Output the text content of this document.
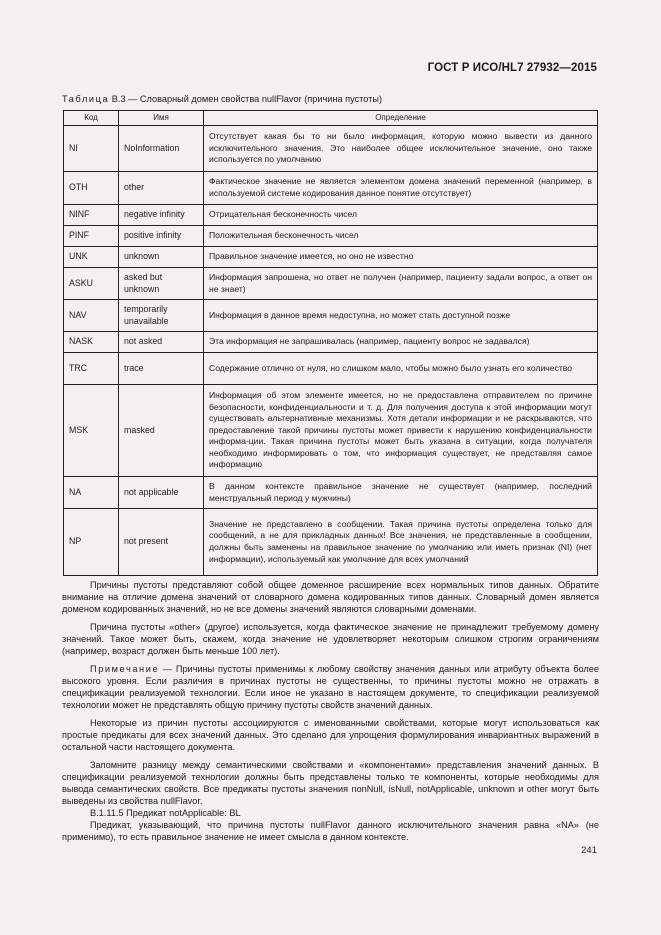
ГОСТ Р ИСО/HL7 27932—2015
Таблица B.3 — Словарный домен свойства nullFlavor (причина пустоты)
Код	Имя	Определение
NI	NoInformation	Отсутствует какая бы то ни было информация, которую можно вывести из данного исключительного значения. Это наиболее общее исключительное значение, оно также используется по умолчанию
OTH	other	Фактическое значение не является элементом домена значений переменной (например, в используемой системе кодирования данное понятие отсутствует)
NINF	negative infinity	Отрицательная бесконечность чисел
PINF	positive infinity	Положительная бесконечность чисел
UNK	unknown	Правильное значение имеется, но оно не известно
ASKU	asked but unknown	Информация запрошена, но ответ не получен (например, пациенту задали вопрос, а ответ он не знает)
NAV	temporarily unavailable	Информация в данное время недоступна, но может стать доступной позже
NASK	not asked	Эта информация не запрашивалась (например, пациенту вопрос не задавался)
TRC	trace	Содержание отлично от нуля, но слишком мало, чтобы можно было узнать его количество
MSK	masked	Информация об этом элементе имеется, но не предоставлена отправителем по причине безопасности, конфиденциальности и т. д. Для получения доступа к этой информации могут существовать альтернативные механизмы. Хотя детали информации и не раскрываются, что предоставление такой причины пустоты может привести к нарушению конфиденциальности информа-ции. Такая причина пустоты может быть указана в ситуации, когда получателя необходимо информировать о том, что информация существует, не представляя самое информацию
NA	not applicable	В данном контексте правильное значение не существует (например, последний менструальный период у мужчины)
NP	not present	Значение не представлено в сообщении. Такая причина пустоты определена только для сообщений, а не для прикладных данных! Все значения, не представленные в сообщении, должны быть заменены на правильное значение по умолчанию или иметь признак (NI) (нет информации), используемый как умолчание для всех умолчаний

Причины пустоты представляют собой общее доменное расширение всех нормальных типов данных. Обратите внимание на отличие домена значений от словарного домена кодированных типов данных. Словарный домен является доменом кодированных значений, но не все домены значений являются словарными доменами.

Причина пустоты «other» (другое) используется, когда фактическое значение не принадлежит требуемому домену значений. Такое может быть, скажем, когда значение не удовлетворяет некоторым слишком строгим ограничениям (например, возраст должен быть меньше 100 лет).

Примечание — Причины пустоты применимы к любому свойству значения данных или атрибуту объекта более высокого уровня. Если различия в причинах пустоты не существенны, то причины пустоты можно не отражать в спецификации реализуемой технологии. Если иное не указано в настоящем документе, то спецификации реализуемой технологии может не представлять общую причину пустоты свойств значений данных.

Некоторые из причин пустоты ассоциируются с именованными свойствами, которые могут использоваться как простые предикаты для всех значений данных. Это сделано для упрощения формулирования инвариантных выражений в остальной части настоящего документа.

Запомните разницу между семантическими свойствами и «компонентами» представления значений данных. В спецификации реализуемой технологии должны быть представлены только те компоненты, которые необходимы для вывода семантических свойств. Все предикаты пустоты значения nonNull, isNull, notApplicable, unknown и other могут быть выведены из свойства nullFlavor.

B.1.11.5 Предикат notApplicable: BL

Предикат, указывающий, что причина пустоты nullFlavor данного исключительного значения равна «NA» (не применимо), то есть правильное значение не имеет смысла в данном контексте.

241
